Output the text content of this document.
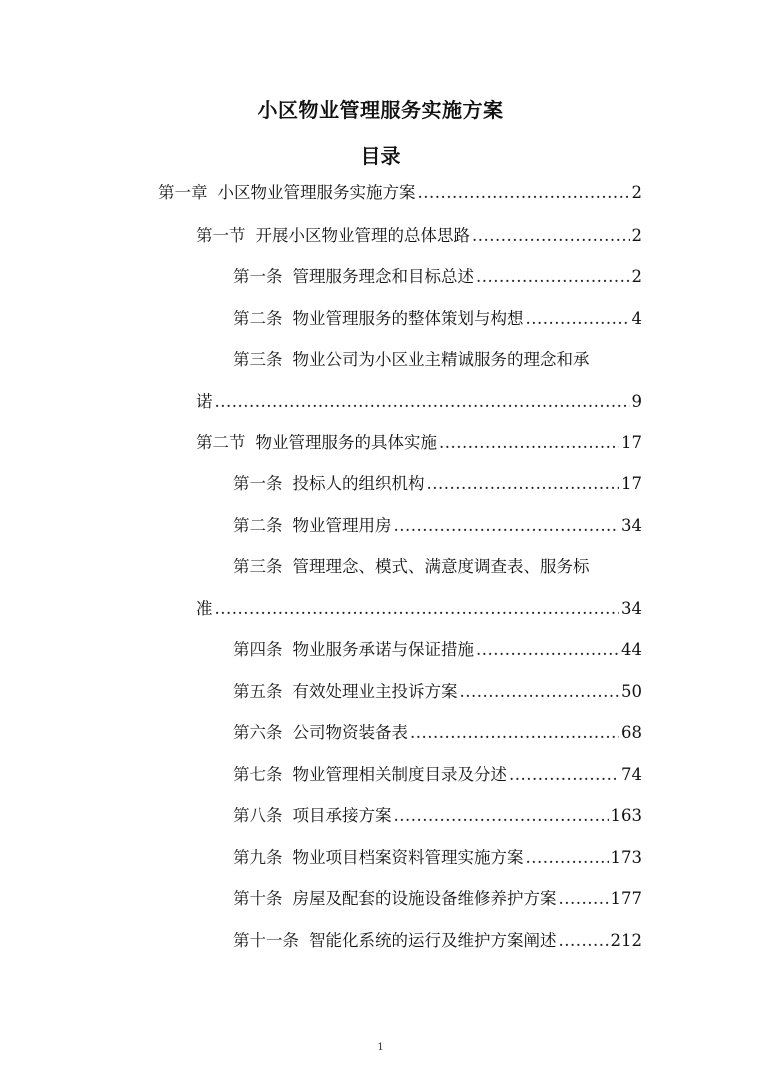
小区物业管理服务实施方案
目录
第一章 小区物业管理服务实施方案 .....	2
第一节 开展小区物业管理的总体思路 .....	2
第一条 管理服务理念和目标总述 .....	2
第二条 物业管理服务的整体策划与构想 .....	4
第三条 物业公司为小区业主精诚服务的理念和承
诺 .....	9
第二节 物业管理服务的具体实施 .....	17
第一条 投标人的组织机构 .....	17
第二条 物业管理用房 .....	34
第三条 管理理念、模式、满意度调查表、服务标
准 .....	34
第四条 物业服务承诺与保证措施 .....	44
第五条 有效处理业主投诉方案 .....	50
第六条 公司物资装备表 .....	68
第七条 物业管理相关制度目录及分述 .....	74
第八条 项目承接方案 .....	163
第九条 物业项目档案资料管理实施方案 .....	173
第十条 房屋及配套的设施设备维修养护方案 .....	177
第十一条 智能化系统的运行及维护方案阐述 .....	212
1
